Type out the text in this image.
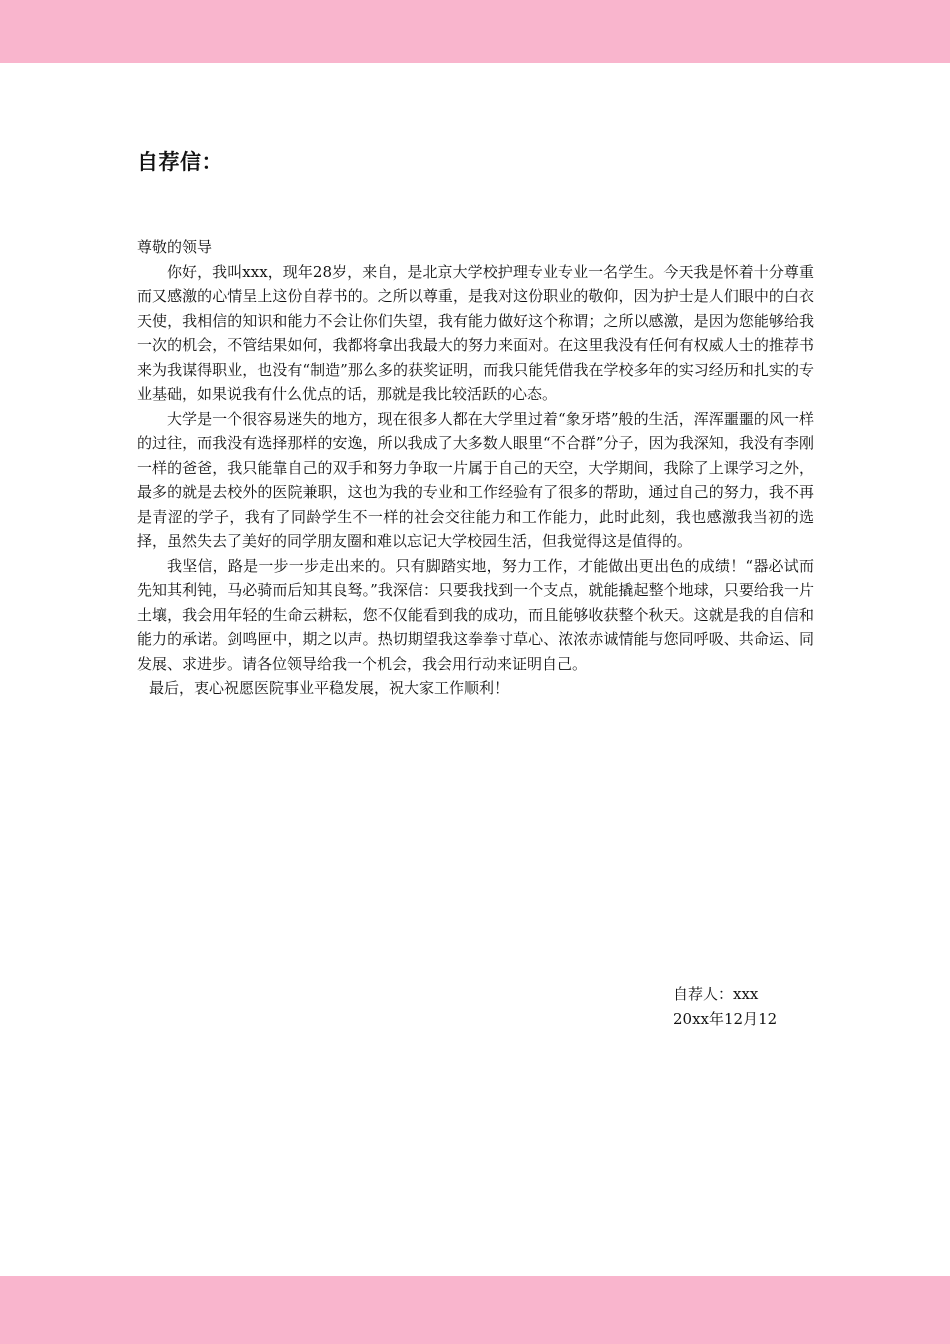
自荐信：

尊敬的领导

你好，我叫xxx，现年28岁，来自，是北京大学校护理专业专业一名学生。今天我是怀着十分尊重而又感激的心情呈上这份自荐书的。之所以尊重，是我对这份职业的敬仰，因为护士是人们眼中的白衣天使，我相信的知识和能力不会让你们失望，我有能力做好这个称谓；之所以感激，是因为您能够给我一次的机会，不管结果如何，我都将拿出我最大的努力来面对。在这里我没有任何有权威人士的推荐书来为我谋得职业，也没有“制造”那么多的获奖证明，而我只能凭借我在学校多年的实习经历和扎实的专业基础，如果说我有什么优点的话，那就是我比较活跃的心态。

大学是一个很容易迷失的地方，现在很多人都在大学里过着“象牙塔”般的生活，浑浑噩噩的风一样的过往，而我没有选择那样的安逸，所以我成了大多数人眼里“不合群”分子，因为我深知，我没有李刚一样的爸爸，我只能靠自己的双手和努力争取一片属于自己的天空，大学期间，我除了上课学习之外，最多的就是去校外的医院兼职，这也为我的专业和工作经验有了很多的帮助，通过自己的努力，我不再是青涩的学子，我有了同龄学生不一样的社会交往能力和工作能力，此时此刻，我也感激我当初的选择，虽然失去了美好的同学朋友圈和难以忘记大学校园生活，但我觉得这是值得的。

我坚信，路是一步一步走出来的。只有脚踏实地，努力工作，才能做出更出色的成绩！“器必试而先知其利钝，马必骑而后知其良驽。”我深信：只要我找到一个支点，就能撬起整个地球，只要给我一片土壤，我会用年轻的生命云耕耘，您不仅能看到我的成功，而且能够收获整个秋天。这就是我的自信和能力的承诺。剑鸣匣中，期之以声。热切期望我这拳拳寸草心、浓浓赤诚情能与您同呼吸、共命运、同发展、求进步。请各位领导给我一个机会，我会用行动来证明自己。

最后，衷心祝愿医院事业平稳发展，祝大家工作顺利！

自荐人：xxx

20xx年12月12
